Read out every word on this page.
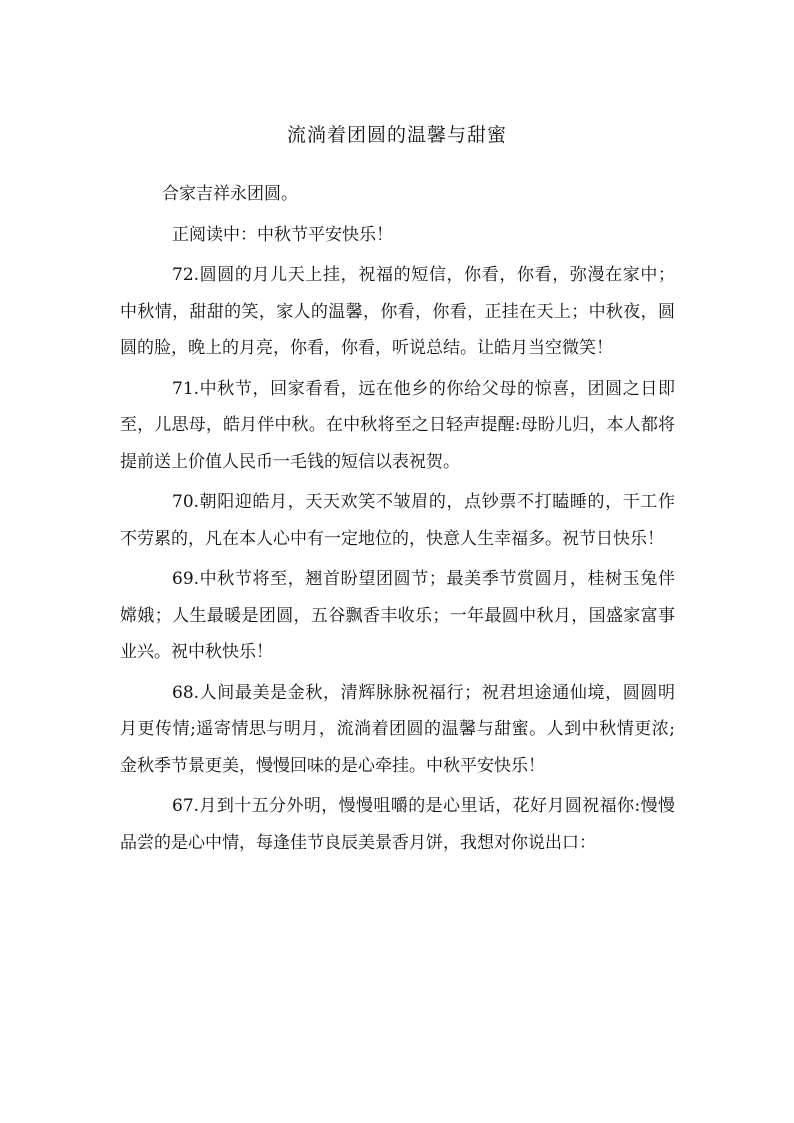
流淌着团圆的温馨与甜蜜

合家吉祥永团圆。

正阅读中：中秋节平安快乐！

72.圆圆的月儿天上挂，祝福的短信，你看，你看，弥漫在家中；中秋情，甜甜的笑，家人的温馨，你看，你看，正挂在天上；中秋夜，圆圆的脸，晚上的月亮，你看，你看，听说总结。让皓月当空微笑！

71.中秋节，回家看看，远在他乡的你给父母的惊喜，团圆之日即至，儿思母，皓月伴中秋。在中秋将至之日轻声提醒:母盼儿归，本人都将提前送上价值人民币一毛钱的短信以表祝贺。

70.朝阳迎皓月，天天欢笑不皱眉的，点钞票不打瞌睡的，干工作不劳累的，凡在本人心中有一定地位的，快意人生幸福多。祝节日快乐！

69.中秋节将至，翘首盼望团圆节；最美季节赏圆月，桂树玉兔伴嫦娥；人生最暖是团圆，五谷飘香丰收乐；一年最圆中秋月，国盛家富事业兴。祝中秋快乐！

68.人间最美是金秋，清辉脉脉祝福行；祝君坦途通仙境，圆圆明月更传情;遥寄情思与明月，流淌着团圆的温馨与甜蜜。人到中秋情更浓;金秋季节景更美，慢慢回味的是心牵挂。中秋平安快乐！

67.月到十五分外明，慢慢咀嚼的是心里话，花好月圆祝福你:慢慢品尝的是心中情，每逢佳节良辰美景香月饼，我想对你说出口：
